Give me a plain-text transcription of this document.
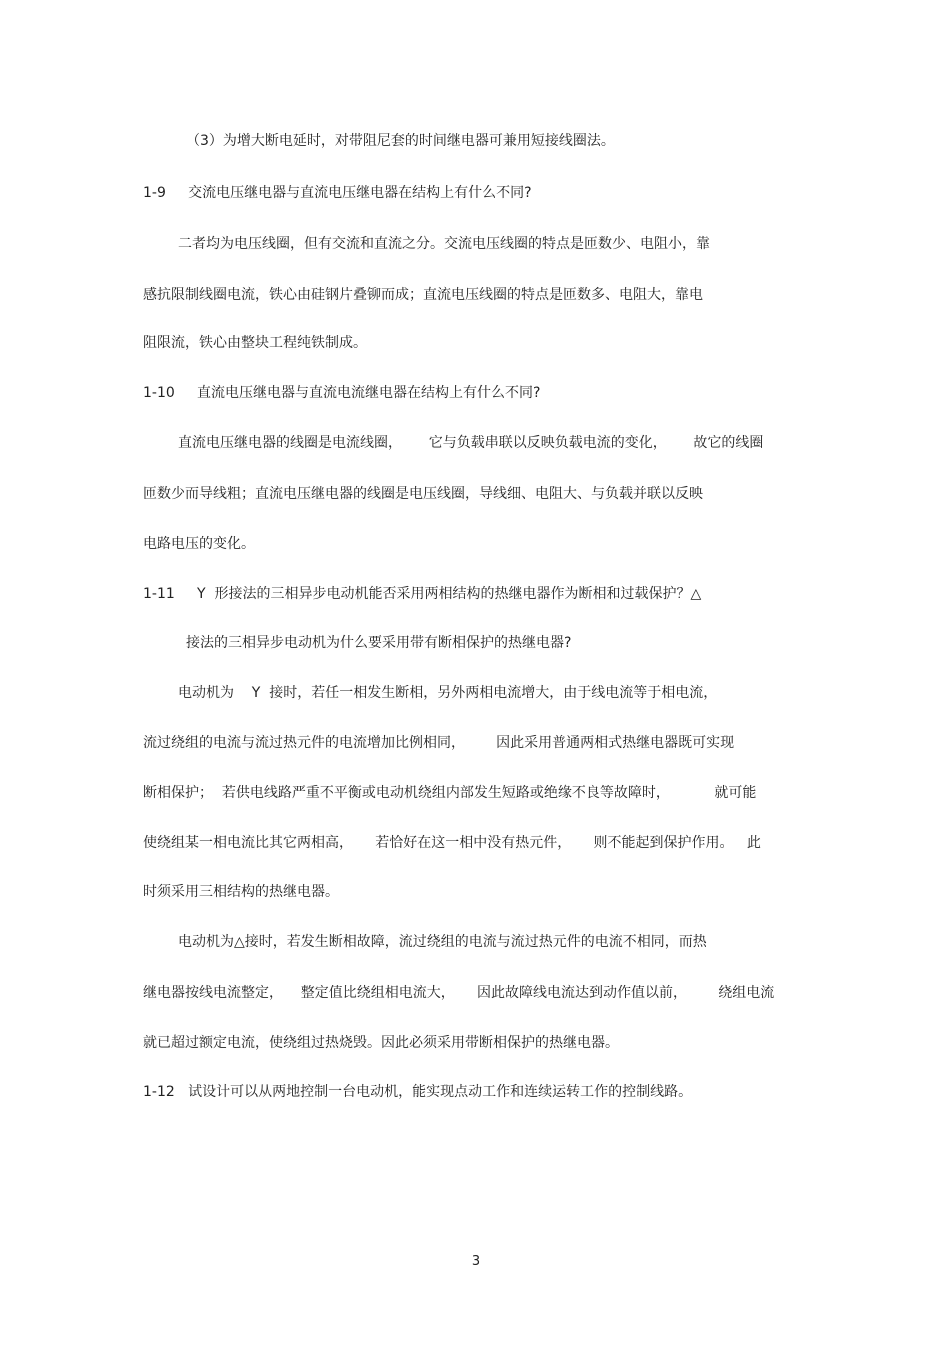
（3）为增大断电延时，对带阻尼套的时间继电器可兼用短接线圈法。

1-9     交流电压继电器与直流电压继电器在结构上有什么不同?

二者均为电压线圈，但有交流和直流之分。交流电压线圈的特点是匝数少、电阻小，靠

感抗限制线圈电流，铁心由硅钢片叠铆而成；直流电压线圈的特点是匝数多、电阻大，靠电

阻限流，铁心由整块工程纯铁制成。

1-10     直流电压继电器与直流电流继电器在结构上有什么不同?

直流电压继电器的线圈是电流线圈，      它与负载串联以反映负载电流的变化，      故它的线圈

匝数少而导线粗；直流电压继电器的线圈是电压线圈，导线细、电阻大、与负载并联以反映

电路电压的变化。

1-11     Y  形接法的三相异步电动机能否采用两相结构的热继电器作为断相和过载保护？△

接法的三相异步电动机为什么要采用带有断相保护的热继电器?

电动机为    Y  接时，若任一相发生断相，另外两相电流增大，由于线电流等于相电流，

流过绕组的电流与流过热元件的电流增加比例相同，       因此采用普通两相式热继电器既可实现

断相保护；  若供电线路严重不平衡或电动机绕组内部发生短路或绝缘不良等故障时，          就可能

使绕组某一相电流比其它两相高，     若恰好在这一相中没有热元件，     则不能起到保护作用。   此

时须采用三相结构的热继电器。

电动机为△接时，若发生断相故障，流过绕组的电流与流过热元件的电流不相同，而热

继电器按线电流整定，    整定值比绕组相电流大，     因此故障线电流达到动作值以前，       绕组电流

就已超过额定电流，使绕组过热烧毁。因此必须采用带断相保护的热继电器。

1-12   试设计可以从两地控制一台电动机，能实现点动工作和连续运转工作的控制线路。

3
